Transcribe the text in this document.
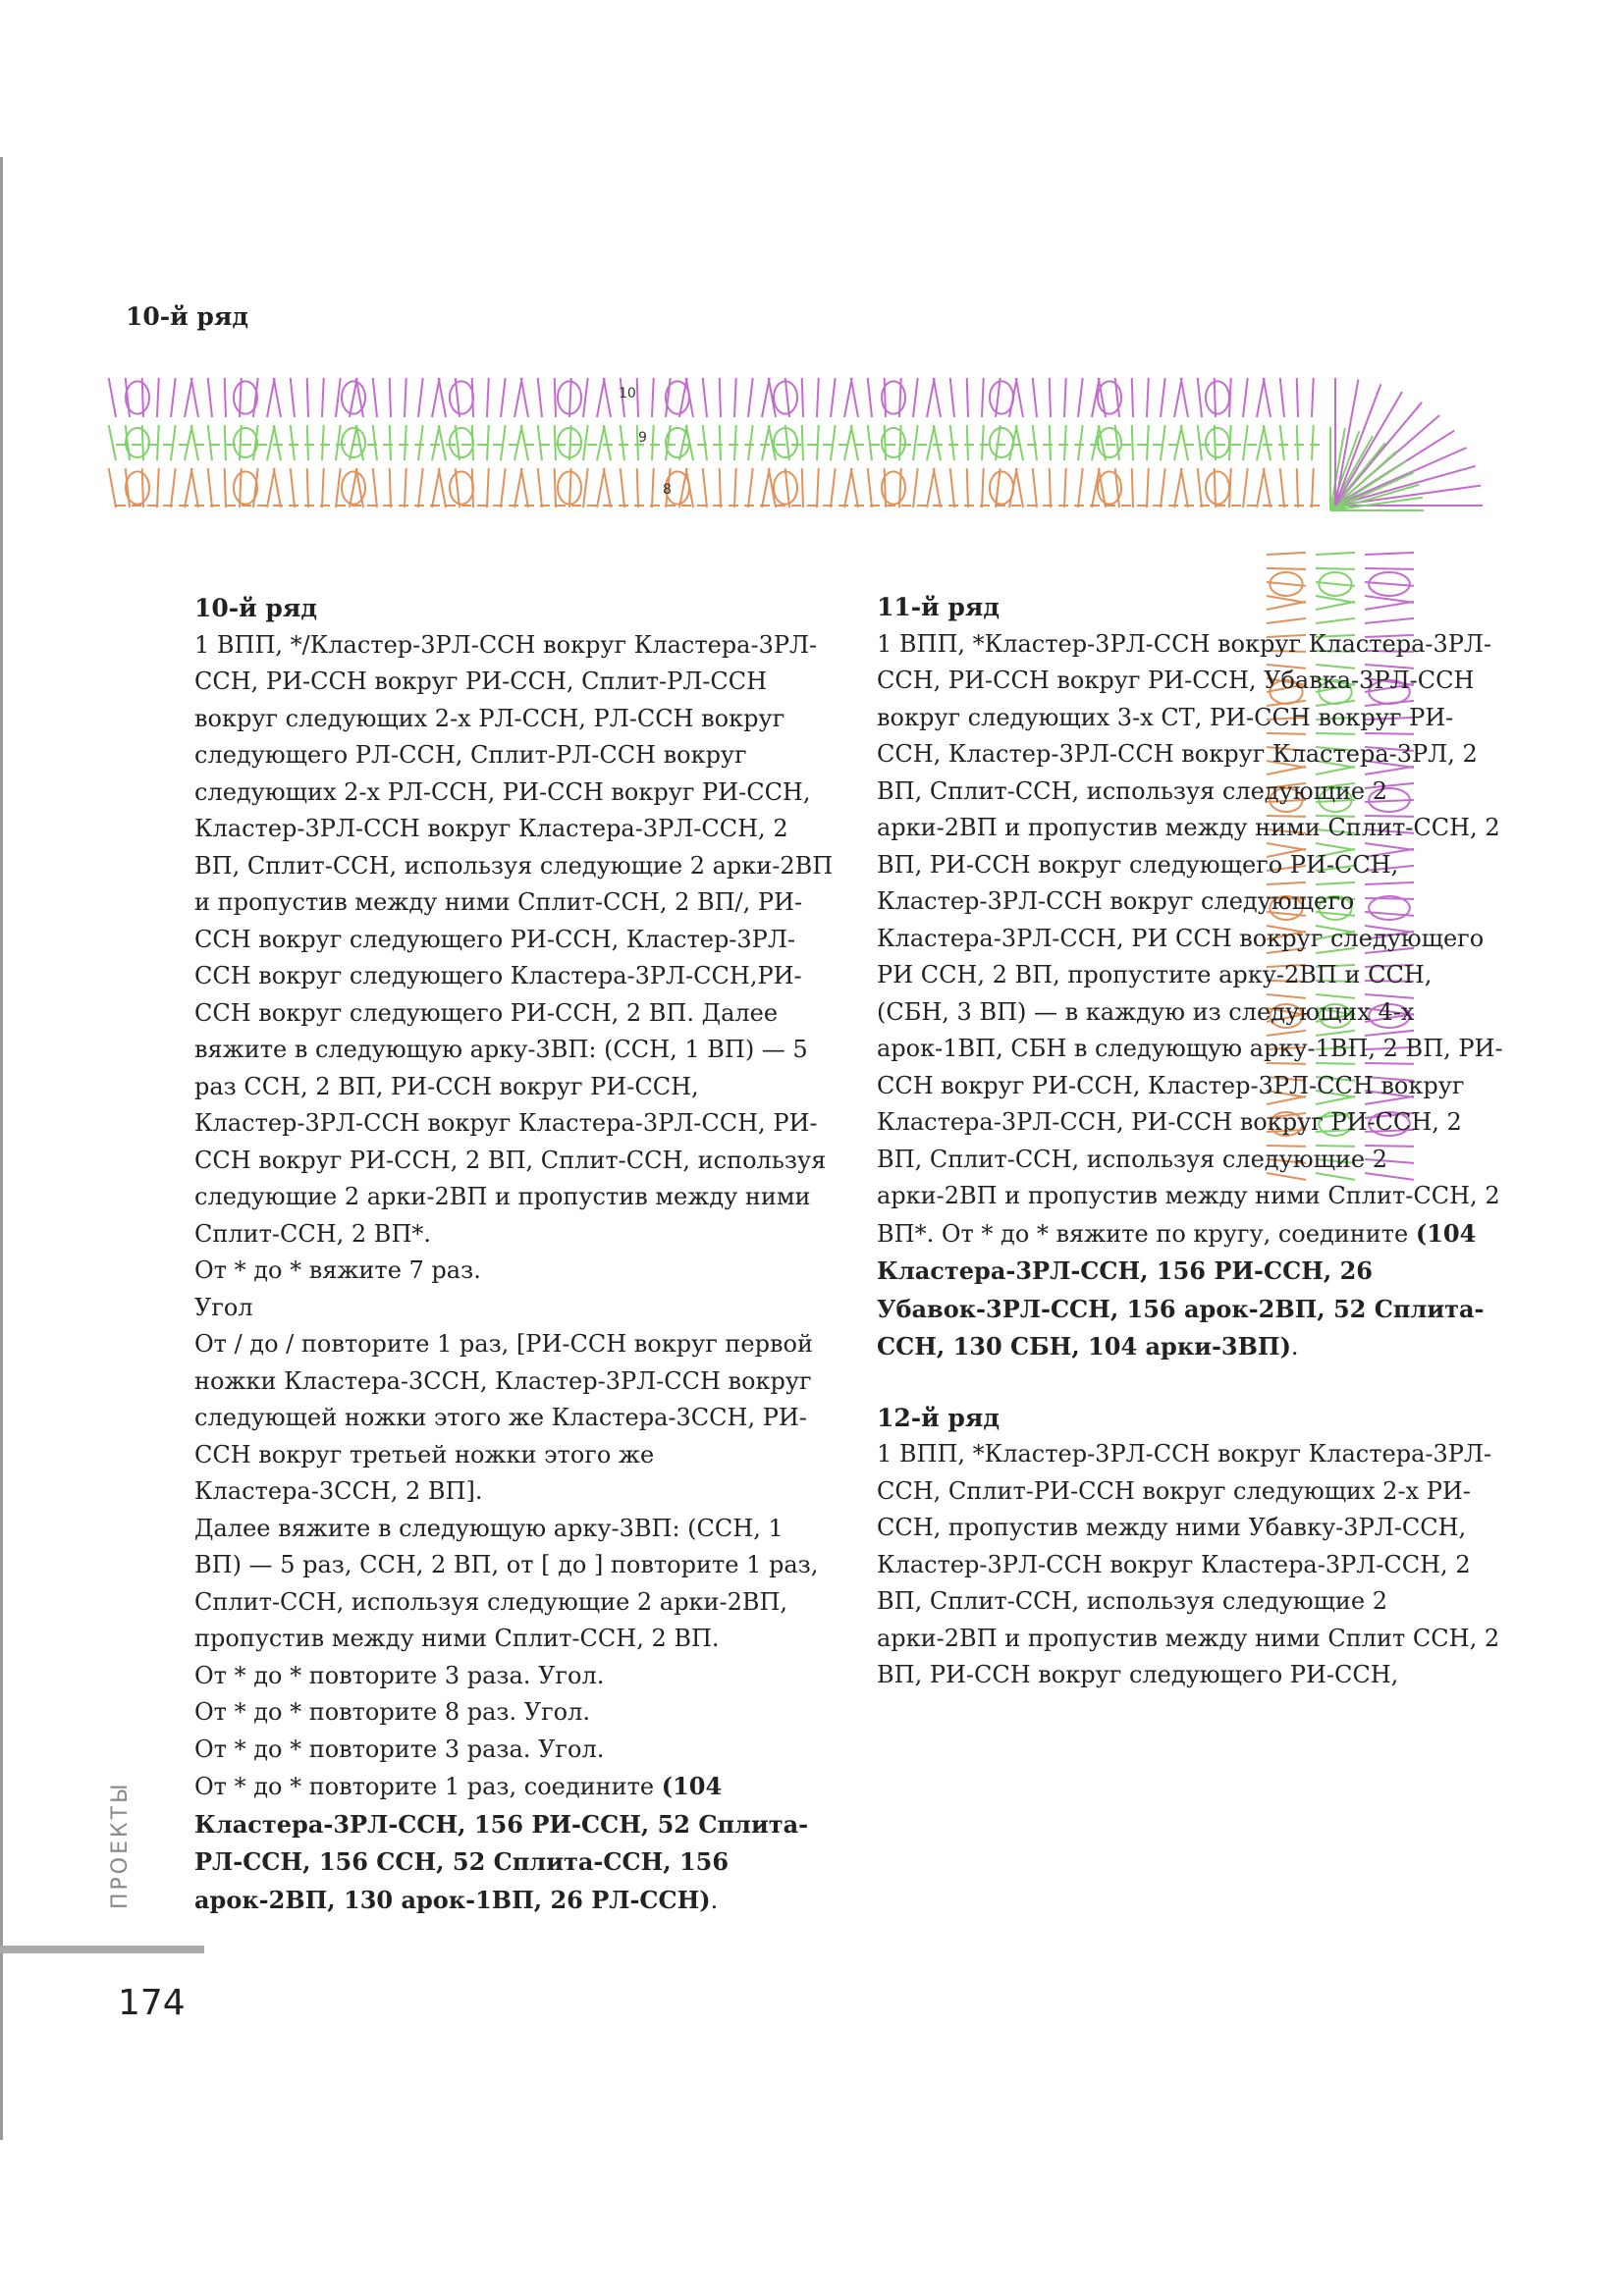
10-й ряд
10
9
8

10-й ряд

1 ВПП, */Кластер-3РЛ-ССН вокруг Кластера-3РЛ-ССН, РИ-ССН вокруг РИ-ССН, Сплит-РЛ-ССН вокруг следующих 2-х РЛ-ССН, РЛ-ССН вокруг следующего РЛ-ССН, Сплит-РЛ-ССН вокруг следующих 2-х РЛ-ССН, РИ-ССН вокруг РИ-ССН, Кластер-3РЛ-ССН вокруг Кластера-3РЛ-ССН, 2 ВП, Сплит-ССН, используя следующие 2 арки-2ВП и пропустив между ними Сплит-ССН, 2 ВП/, РИ-ССН вокруг следующего РИ-ССН, Кластер-3РЛ-ССН вокруг следующего Кластера-3РЛ-ССН,РИ-ССН вокруг следующего РИ-ССН, 2 ВП. Далее вяжите в следующую арку-3ВП: (ССН, 1 ВП) — 5 раз ССН, 2 ВП, РИ-ССН вокруг РИ-ССН, Кластер-3РЛ-ССН вокруг Кластера-3РЛ-ССН, РИ-ССН вокруг РИ-ССН, 2 ВП, Сплит-ССН, используя следующие 2 арки-2ВП и пропустив между ними Сплит-ССН, 2 ВП*.

От * до * вяжите 7 раз.

Угол

От / до / повторите 1 раз, [РИ-ССН вокруг первой ножки Кластера-3ССН, Кластер-3РЛ-ССН вокруг следующей ножки этого же Кластера-3ССН, РИ-ССН вокруг третьей ножки этого же Кластера-3ССН, 2 ВП].

Далее вяжите в следующую арку-3ВП: (ССН, 1 ВП) — 5 раз, ССН, 2 ВП, от [ до ] повторите 1 раз, Сплит-ССН, используя следующие 2 арки-2ВП, пропустив между ними Сплит-ССН, 2 ВП.

От * до * повторите 3 раза. Угол.

От * до * повторите 8 раз. Угол.

От * до * повторите 3 раза. Угол.

От * до * повторите 1 раз, соедините (104 Кластера-3РЛ-ССН, 156 РИ-ССН, 52 Сплита-РЛ-ССН, 156 ССН, 52 Сплита-ССН, 156 арок-2ВП, 130 арок-1ВП, 26 РЛ-ССН).

11-й ряд

1 ВПП, *Кластер-3РЛ-ССН вокруг Кластера-3РЛ-ССН, РИ-ССН вокруг РИ-ССН, Убавка-3РЛ-ССН вокруг следующих 3-х СТ, РИ-ССН вокруг РИ-ССН, Кластер-3РЛ-ССН вокруг Кластера-3РЛ, 2 ВП, Сплит-ССН, используя следующие 2 арки-2ВП и пропустив между ними Сплит-ССН, 2 ВП, РИ-ССН вокруг следующего РИ-ССН, Кластер-3РЛ-ССН вокруг следующего Кластера-3РЛ-ССН, РИ ССН вокруг следующего РИ ССН, 2 ВП, пропустите арку-2ВП и ССН, (СБН, 3 ВП) — в каждую из следующих 4-х арок-1ВП, СБН в следующую арку-1ВП, 2 ВП, РИ-ССН вокруг РИ-ССН, Кластер-3РЛ-ССН вокруг Кластера-3РЛ-ССН, РИ-ССН вокруг РИ-ССН, 2 ВП, Сплит-ССН, используя следующие 2 арки-2ВП и пропустив между ними Сплит-ССН, 2 ВП*. От * до * вяжите по кругу, соедините (104 Кластера-3РЛ-ССН, 156 РИ-ССН, 26 Убавок-3РЛ-ССН, 156 арок-2ВП, 52 Сплита-ССН, 130 СБН, 104 арки-3ВП).

12-й ряд

1 ВПП, *Кластер-3РЛ-ССН вокруг Кластера-3РЛ-ССН, Сплит-РИ-ССН вокруг следующих 2-х РИ-ССН, пропустив между ними Убавку-3РЛ-ССН, Кластер-3РЛ-ССН вокруг Кластера-3РЛ-ССН, 2 ВП, Сплит-ССН, используя следующие 2 арки-2ВП и пропустив между ними Сплит ССН, 2 ВП, РИ-ССН вокруг следующего РИ-ССН,

ПРОЕКТЫ
174
